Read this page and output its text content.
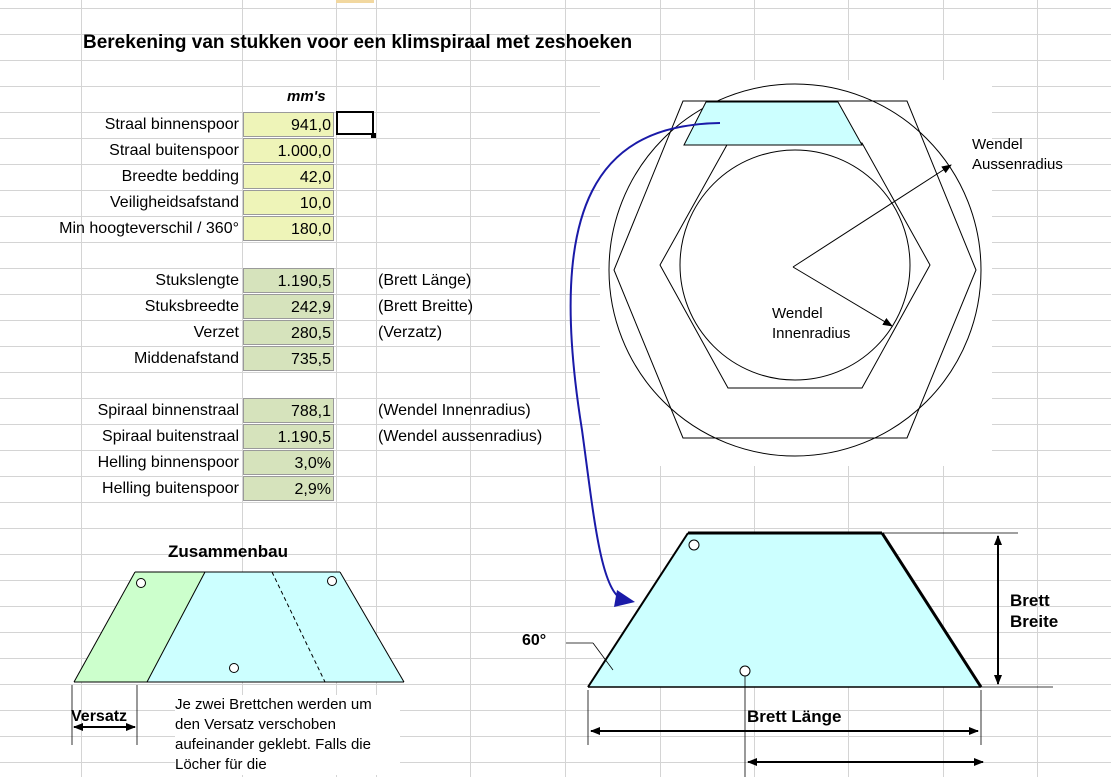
Berekening van stukken voor een klimspiraal met zeshoeken
mm's
Straal binnenspoor	941,0
Straal buitenspoor	1.000,0
Breedte bedding	42,0
Veiligheidsafstand	10,0
Min hoogteverschil / 360°	180,0
Stukslengte	1.190,5	(Brett Länge)
Stuksbreedte	242,9	(Brett Breitte)
Verzet	280,5	(Verzatz)
Middenafstand	735,5
Spiraal binnenstraal	788,1	(Wendel Innenradius)
Spiraal buitenstraal	1.190,5	(Wendel aussenradius)
Helling binnenspoor	3,0%
Helling buitenspoor	2,9%
Wendel
Aussenradius
Wendel
Innenradius
60°
Brett
Breite
Brett Länge
Zusammenbau
Versatz
Je zwei Brettchen werden um den Versatz verschoben aufeinander geklebt. Falls die Löcher für die
